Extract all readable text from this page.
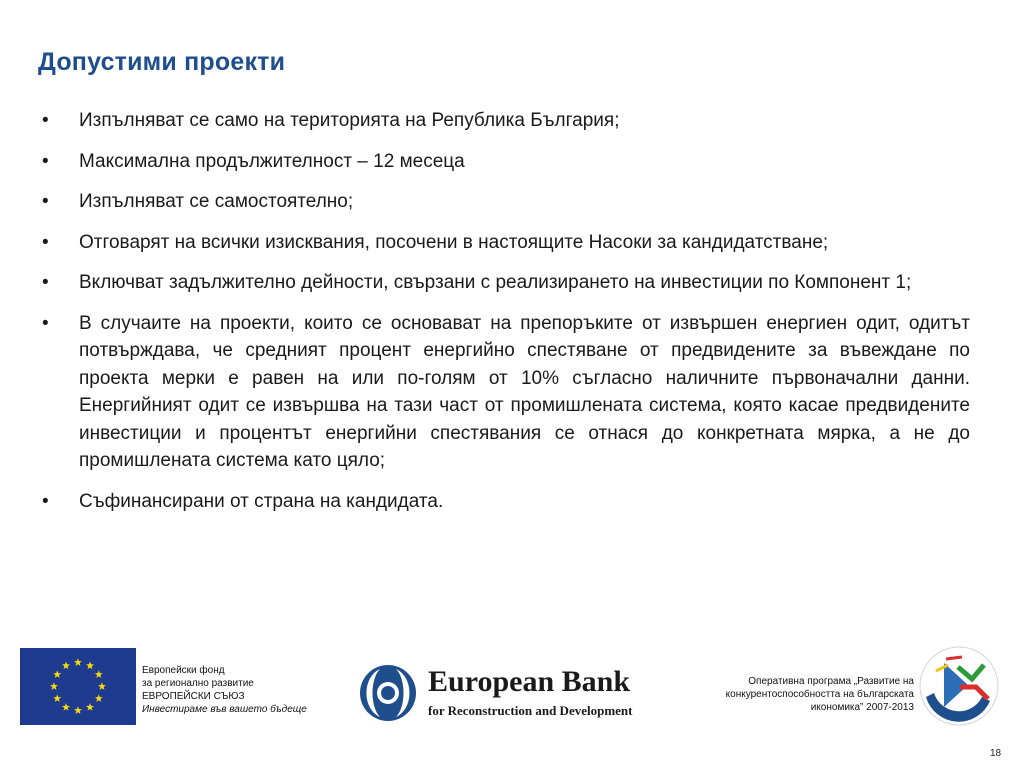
Допустими проекти
• Изпълняват се само на територията на Република България;
• Максимална продължителност – 12 месеца
• Изпълняват се самостоятелно;
• Отговарят на всички изисквания, посочени в настоящите Насоки за кандидатстване;
• Включват задължително дейности, свързани с реализирането на инвестиции по Компонент 1;
• В случаите на проекти, които се основават на препоръките от извършен енергиен одит, одитът потвърждава, че средният процент енергийно спестяване от предвидените за въвеждане по проекта мерки е равен на или по-голям от 10% съгласно наличните първоначални данни. Енергийният одит се извършва на тази част от промишлената система, която касае предвидените инвестиции и процентът енергийни спестявания се отнася до конкретната мярка, а не до промишлената система като цяло;
• Съфинансирани от страна на кандидата.
Европейски фонд
за регионално развитие
ЕВРОПЕЙСКИ СЪЮЗ
Инвестираме във вашето бъдеще
European Bank
for Reconstruction and Development
Оперативна програма „Развитие на
конкурентоспособността на българската
икономика” 2007-2013
18
